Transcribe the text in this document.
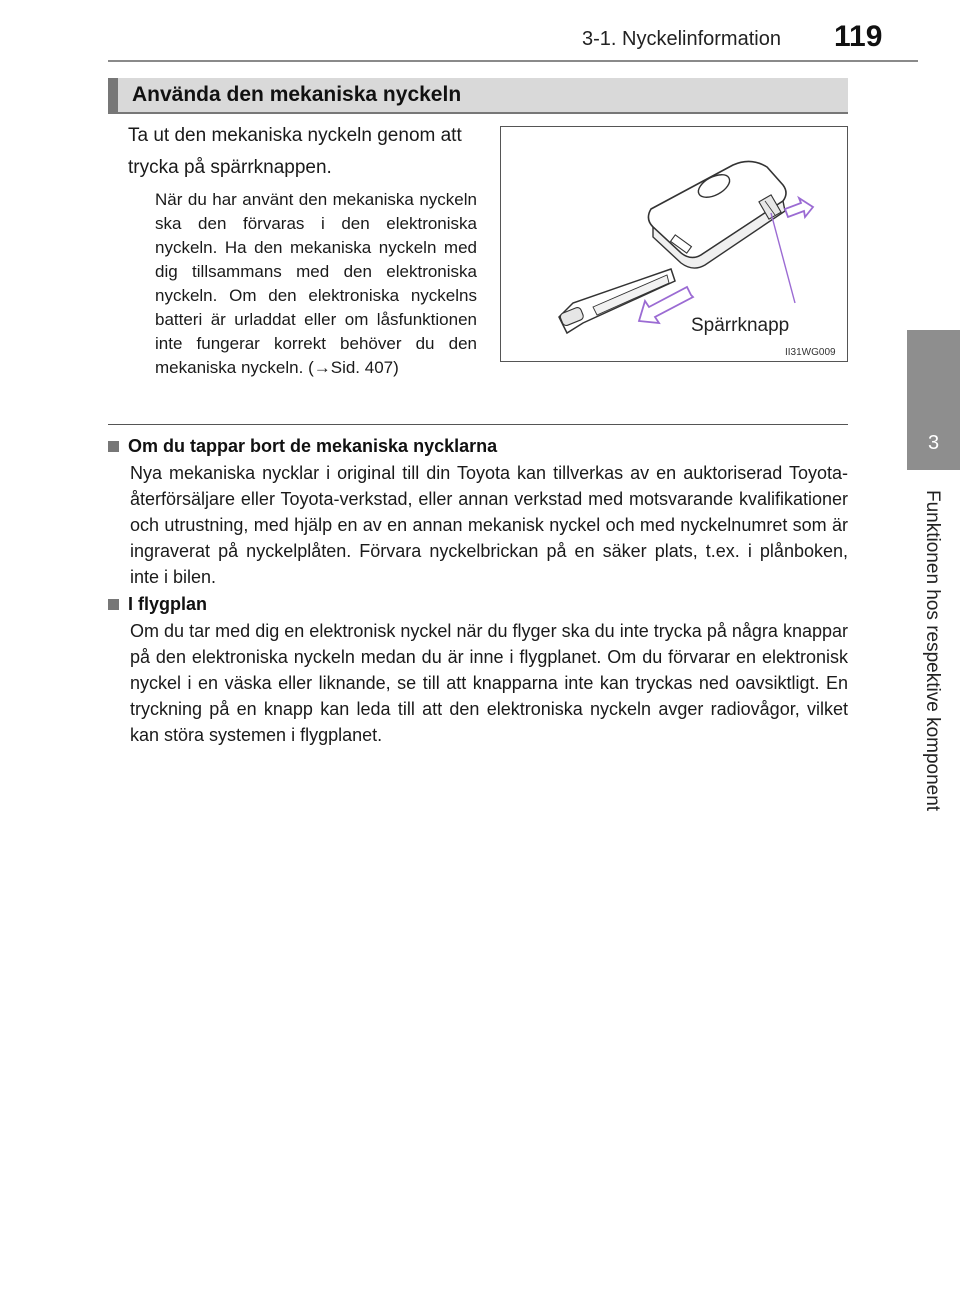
3-1. Nyckelinformation 119
3
Funktionen hos respektive komponent
Använda den mekaniska nyckeln
Ta ut den mekaniska nyckeln genom att trycka på spärrknappen.
När du har använt den mekaniska nyckeln ska den förvaras i den elektroniska nyckeln. Ha den mekaniska nyckeln med dig tillsammans med den elektroniska nyckeln. Om den elektroniska nyckelns batteri är urladdat eller om låsfunktionen inte fungerar korrekt behöver du den mekaniska nyckeln. (→Sid. 407)
Spärrknapp
II31WG009
Om du tappar bort de mekaniska nycklarna
Nya mekaniska nycklar i original till din Toyota kan tillverkas av en auktoriserad Toyota-återförsäljare eller Toyota-verkstad, eller annan verkstad med motsvarande kvalifikationer och utrustning, med hjälp en av en annan mekanisk nyckel och med nyckelnumret som är ingraverat på nyckelplåten. Förvara nyckelbrickan på en säker plats, t.ex. i plånboken, inte i bilen.
I flygplan
Om du tar med dig en elektronisk nyckel när du flyger ska du inte trycka på några knappar på den elektroniska nyckeln medan du är inne i flygplanet. Om du förvarar en elektronisk nyckel i en väska eller liknande, se till att knapparna inte kan tryckas ned oavsiktligt. En tryckning på en knapp kan leda till att den elektroniska nyckeln avger radiovågor, vilket kan störa systemen i flygplanet.
